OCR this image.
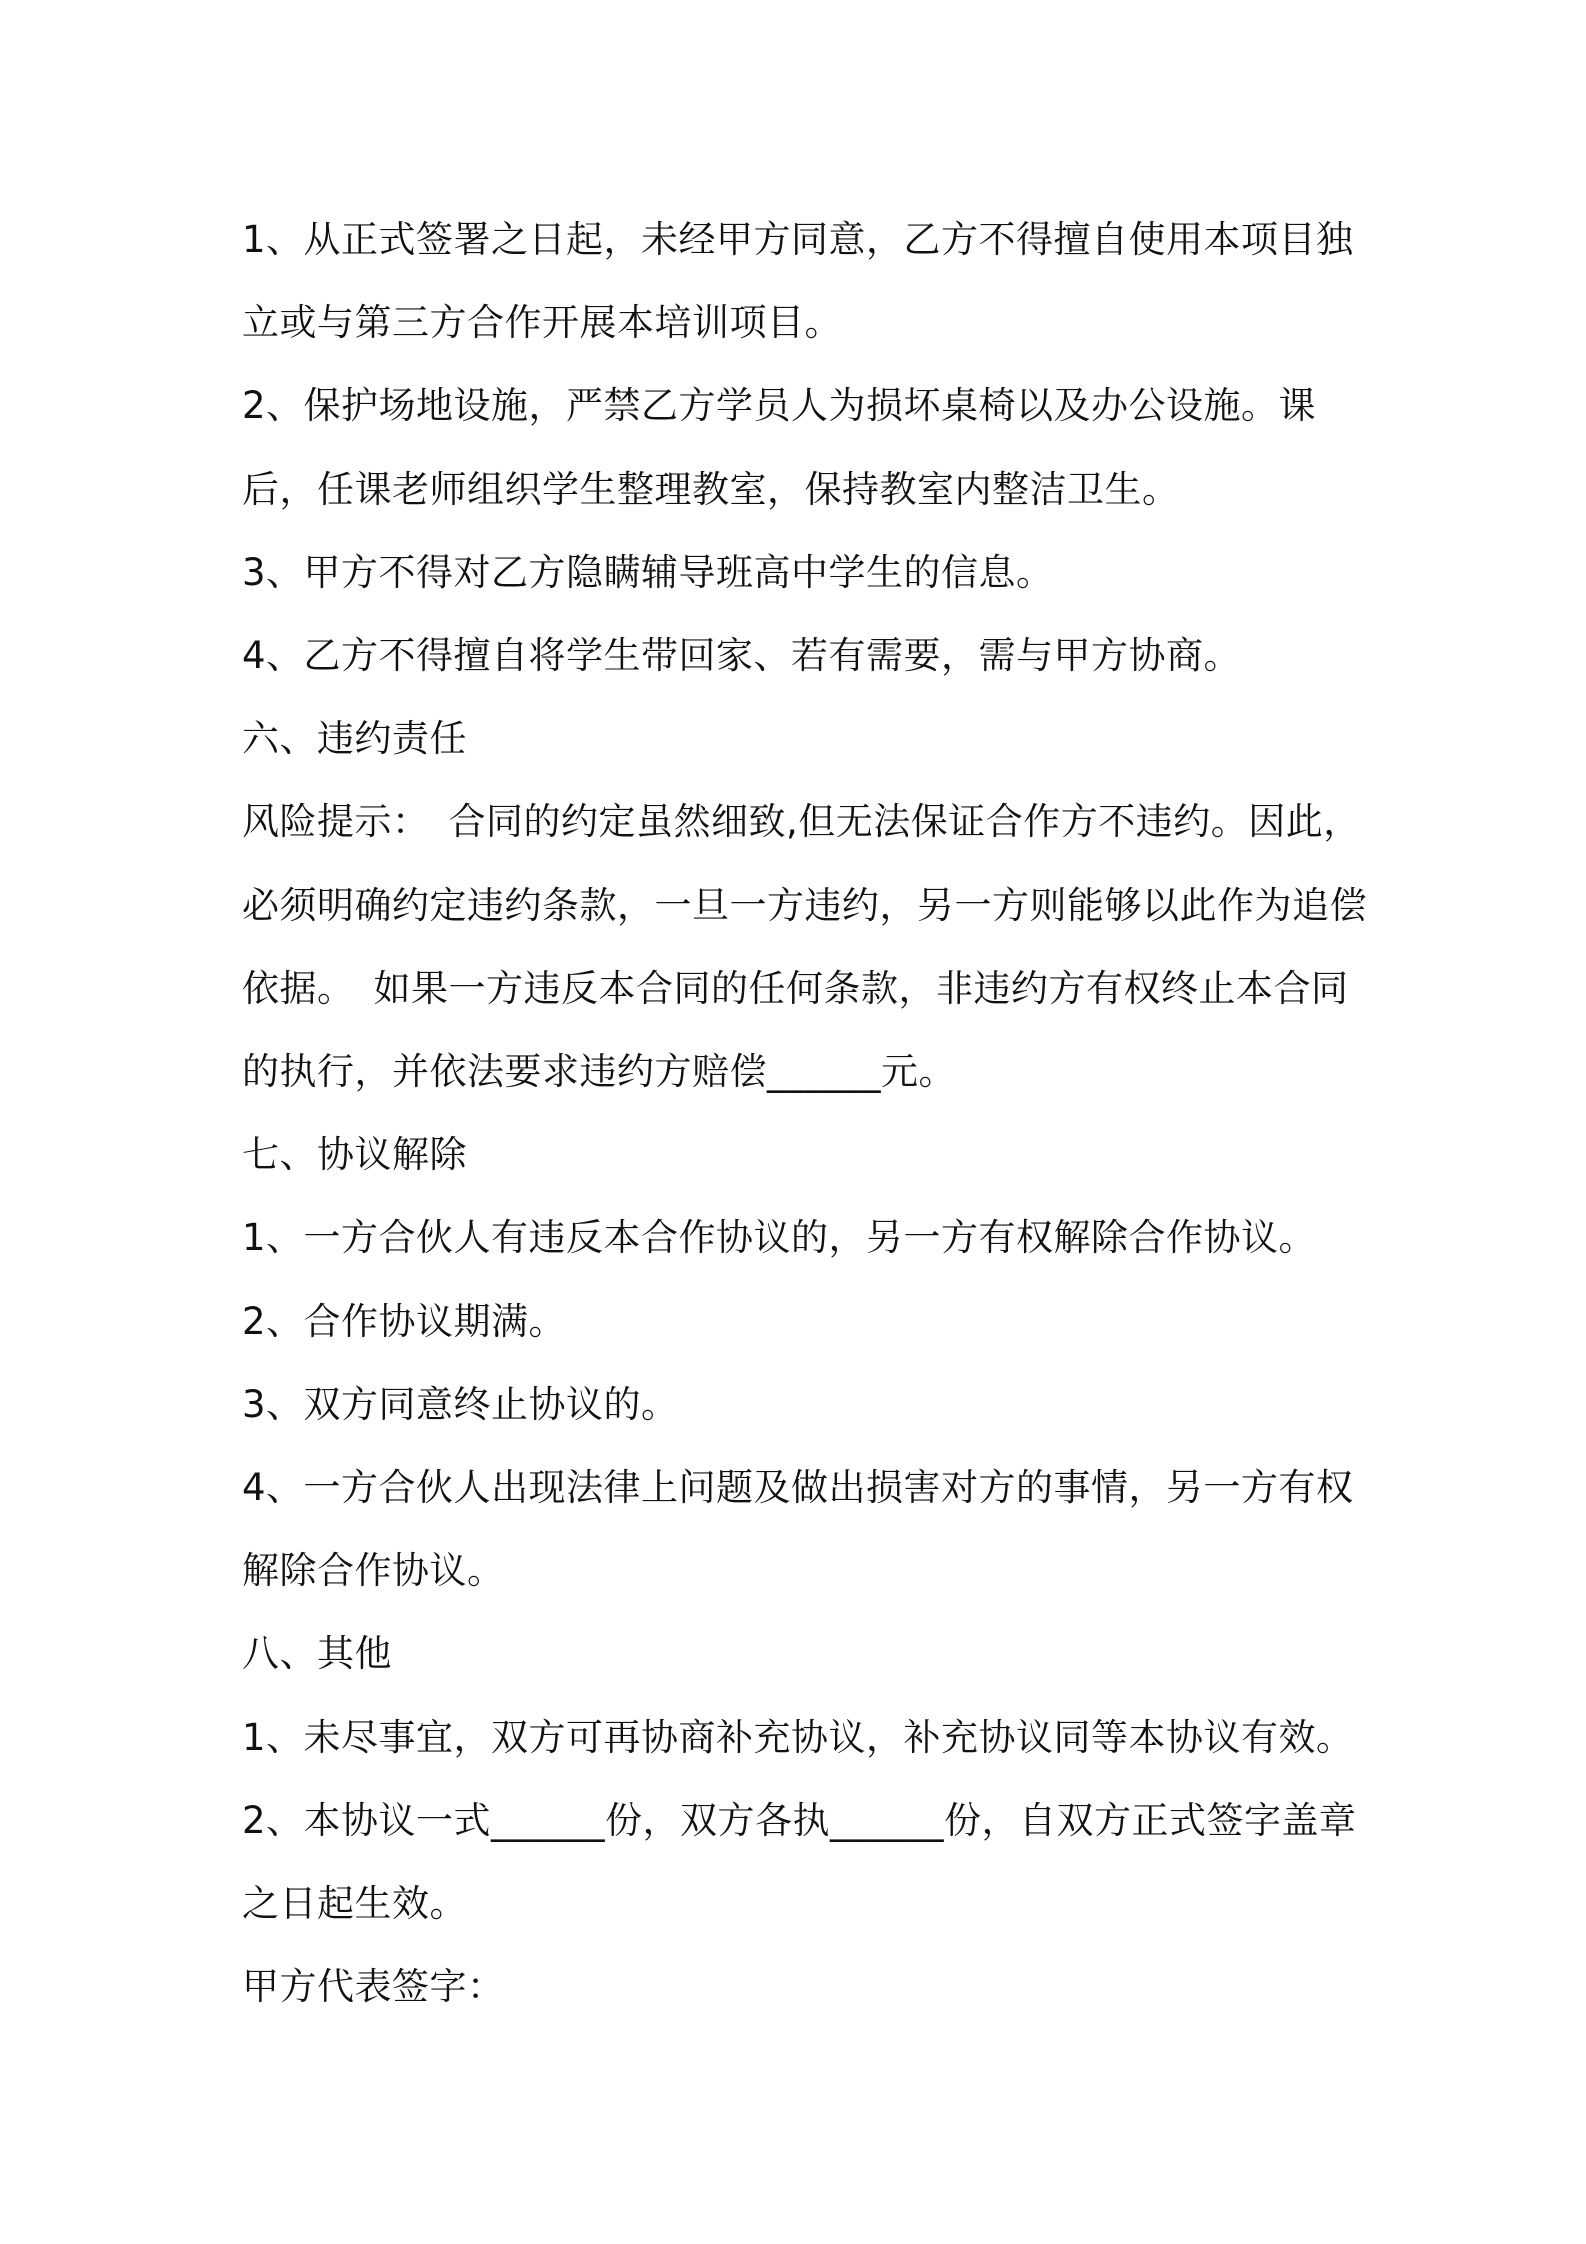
1、从正式签署之日起，未经甲方同意，乙方不得擅自使用本项目独立或与第三方合作开展本培训项目。

2、保护场地设施，严禁乙方学员人为损坏桌椅以及办公设施。课后，任课老师组织学生整理教室，保持教室内整洁卫生。

3、甲方不得对乙方隐瞒辅导班高中学生的信息。

4、乙方不得擅自将学生带回家、若有需要，需与甲方协商。

六、违约责任

风险提示：　合同的约定虽然细致,但无法保证合作方不违约。因此，必须明确约定违约条款，一旦一方违约，另一方则能够以此作为追偿依据。　如果一方违反本合同的任何条款，非违约方有权终止本合同的执行，并依法要求违约方赔偿______元。

七、协议解除

1、一方合伙人有违反本合作协议的，另一方有权解除合作协议。

2、合作协议期满。

3、双方同意终止协议的。

4、一方合伙人出现法律上问题及做出损害对方的事情，另一方有权解除合作协议。

八、其他

1、未尽事宜，双方可再协商补充协议，补充协议同等本协议有效。

2、本协议一式______份，双方各执______份，自双方正式签字盖章之日起生效。

甲方代表签字：
